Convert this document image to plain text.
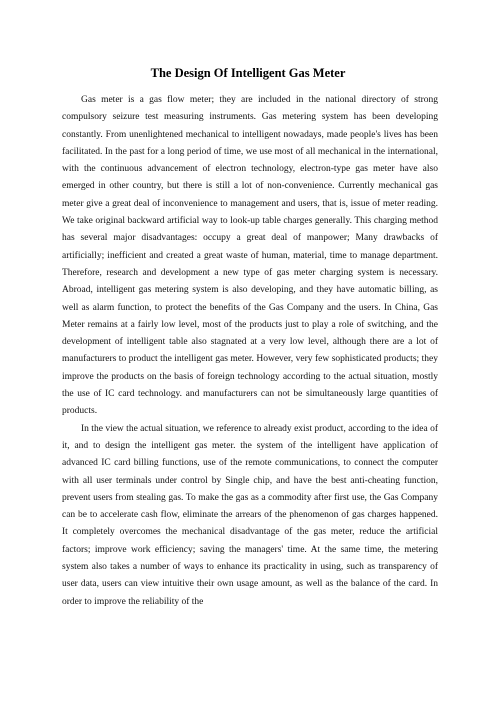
The Design Of Intelligent Gas Meter

Gas meter is a gas flow meter; they are included in the national directory of strong compulsory seizure test measuring instruments. Gas metering system has been developing constantly. From unenlightened mechanical to intelligent nowadays, made people's lives has been facilitated. In the past for a long period of time, we use most of all mechanical in the international, with the continuous advancement of electron technology, electron-type gas meter have also emerged in other country, but there is still a lot of non-convenience. Currently mechanical gas meter give a great deal of inconvenience to management and users, that is, issue of meter reading. We take original backward artificial way to look-up table charges generally. This charging method has several major disadvantages: occupy a great deal of manpower; Many drawbacks of artificially; inefficient and created a great waste of human, material, time to manage department. Therefore, research and development a new type of gas meter charging system is necessary. Abroad, intelligent gas metering system is also developing, and they have automatic billing, as well as alarm function, to protect the benefits of the Gas Company and the users. In China, Gas Meter remains at a fairly low level, most of the products just to play a role of switching, and the development of intelligent table also stagnated at a very low level, although there are a lot of manufacturers to product the intelligent gas meter. However, very few sophisticated products; they improve the products on the basis of foreign technology according to the actual situation, mostly the use of IC card technology. and manufacturers can not be simultaneously large quantities of products.

In the view the actual situation, we reference to already exist product, according to the idea of it, and to design the intelligent gas meter. the system of the intelligent have application of advanced IC card billing functions, use of the remote communications, to connect the computer with all user terminals under control by Single chip, and have the best anti-cheating function, prevent users from stealing gas. To make the gas as a commodity after first use, the Gas Company can be to accelerate cash flow, eliminate the arrears of the phenomenon of gas charges happened. It completely overcomes the mechanical disadvantage of the gas meter, reduce the artificial factors; improve work efficiency; saving the managers' time. At the same time, the metering system also takes a number of ways to enhance its practicality in using, such as transparency of user data, users can view intuitive their own usage amount, as well as the balance of the card. In order to improve the reliability of the
